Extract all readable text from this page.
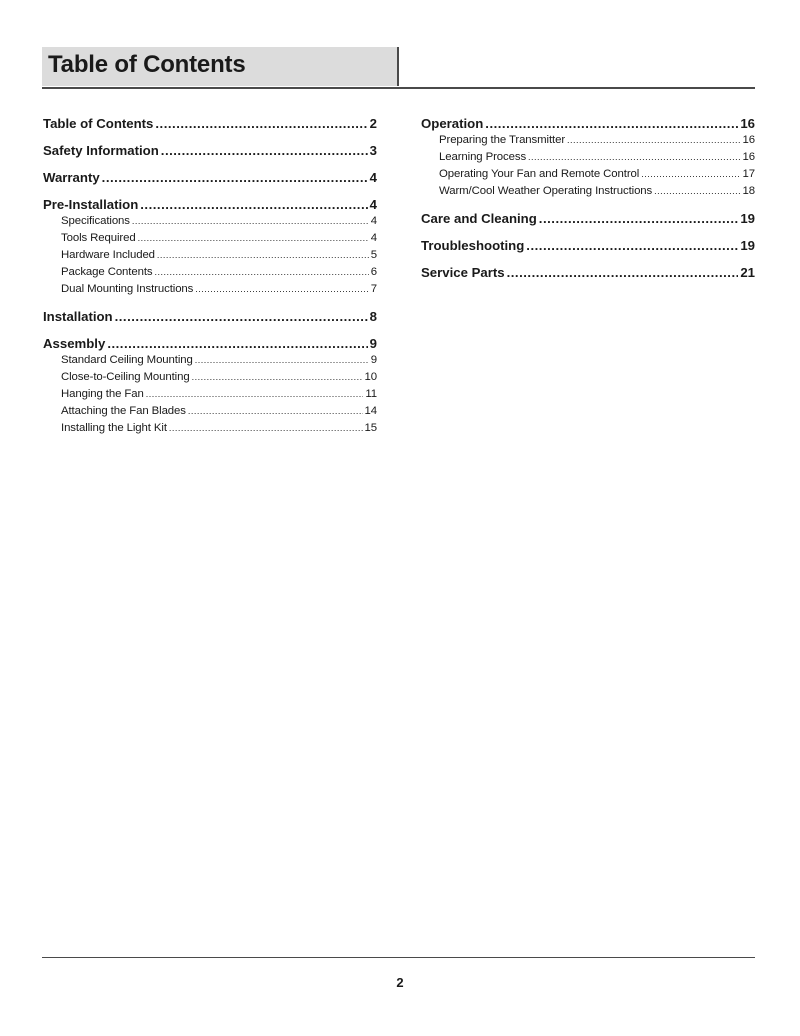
Table of Contents
Table of Contents .....	2
Safety Information .....	3
Warranty .....	4
Pre-Installation .....	4
Specifications .....	4
Tools Required .....	4
Hardware Included .....	5
Package Contents .....	6
Dual Mounting Instructions .....	7
Installation .....	8
Assembly .....	9
Standard Ceiling Mounting .....	9
Close-to-Ceiling Mounting .....	10
Hanging the Fan .....	11
Attaching the Fan Blades .....	14
Installing the Light Kit .....	15
Operation .....	16
Preparing the Transmitter .....	16
Learning Process .....	16
Operating Your Fan and Remote Control .....	17
Warm/Cool Weather Operating Instructions .....	18
Care and Cleaning .....	19
Troubleshooting .....	19
Service Parts .....	21
2
